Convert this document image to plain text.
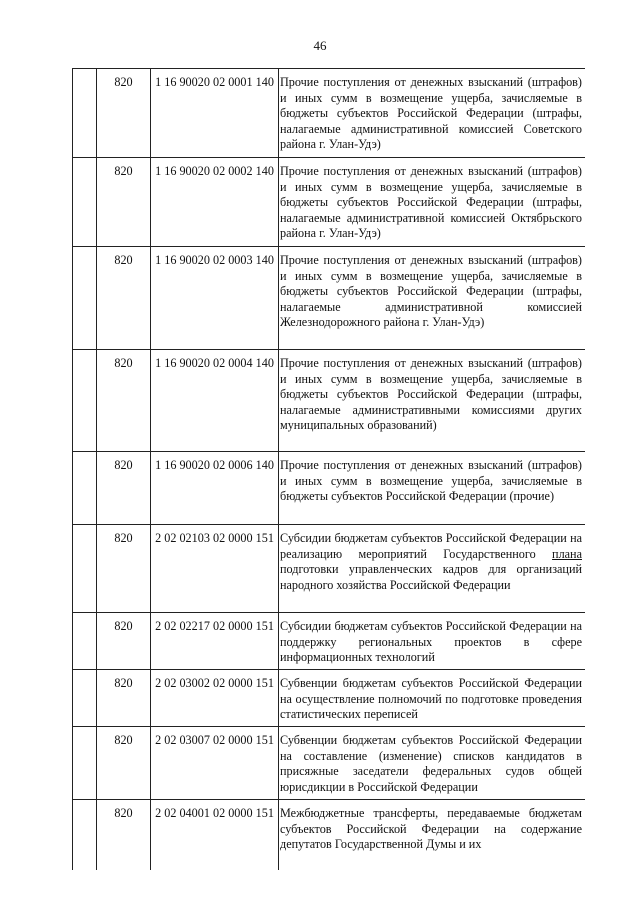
46
820	1 16 90020 02 0001 140 Прочие поступления от денежных взысканий (штрафов) и иных сумм в возмещение ущерба, зачисляемые в бюджеты субъектов Российской Федерации (штрафы, налагаемые административной комиссией Советского района г. Улан-Удэ)
820	1 16 90020 02 0002 140 Прочие поступления от денежных взысканий (штрафов) и иных сумм в возмещение ущерба, зачисляемые в бюджеты субъектов Российской Федерации (штрафы, налагаемые административной комиссией Октябрьского района г. Улан-Удэ)
820	1 16 90020 02 0003 140 Прочие поступления от денежных взысканий (штрафов) и иных сумм в возмещение ущерба, зачисляемые в бюджеты субъектов Российской Федерации (штрафы, налагаемые административной комиссией Железнодорожного района г. Улан-Удэ)
820	1 16 90020 02 0004 140 Прочие поступления от денежных взысканий (штрафов) и иных сумм в возмещение ущерба, зачисляемые в бюджеты субъектов Российской Федерации (штрафы, налагаемые административными комиссиями других муниципальных образований)
820	1 16 90020 02 0006 140 Прочие поступления от денежных взысканий (штрафов) и иных сумм в возмещение ущерба, зачисляемые в бюджеты субъектов Российской Федерации (прочие)
820	2 02 02103 02 0000 151 Субсидии бюджетам субъектов Российской Федерации на реализацию мероприятий Государственного плана подготовки управленческих кадров для организаций народного хозяйства Российской Федерации
820	2 02 02217 02 0000 151 Субсидии бюджетам субъектов Российской Федерации на поддержку региональных проектов в сфере информационных технологий
820	2 02 03002 02 0000 151 Субвенции бюджетам субъектов Российской Федерации на осуществление полномочий по подготовке проведения статистических переписей
820	2 02 03007 02 0000 151 Субвенции бюджетам субъектов Российской Федерации на составление (изменение) списков кандидатов в присяжные заседатели федеральных судов общей юрисдикции в Российской Федерации
820	2 02 04001 02 0000 151 Межбюджетные трансферты, передаваемые бюджетам субъектов Российской Федерации на содержание депутатов Государственной Думы и их
